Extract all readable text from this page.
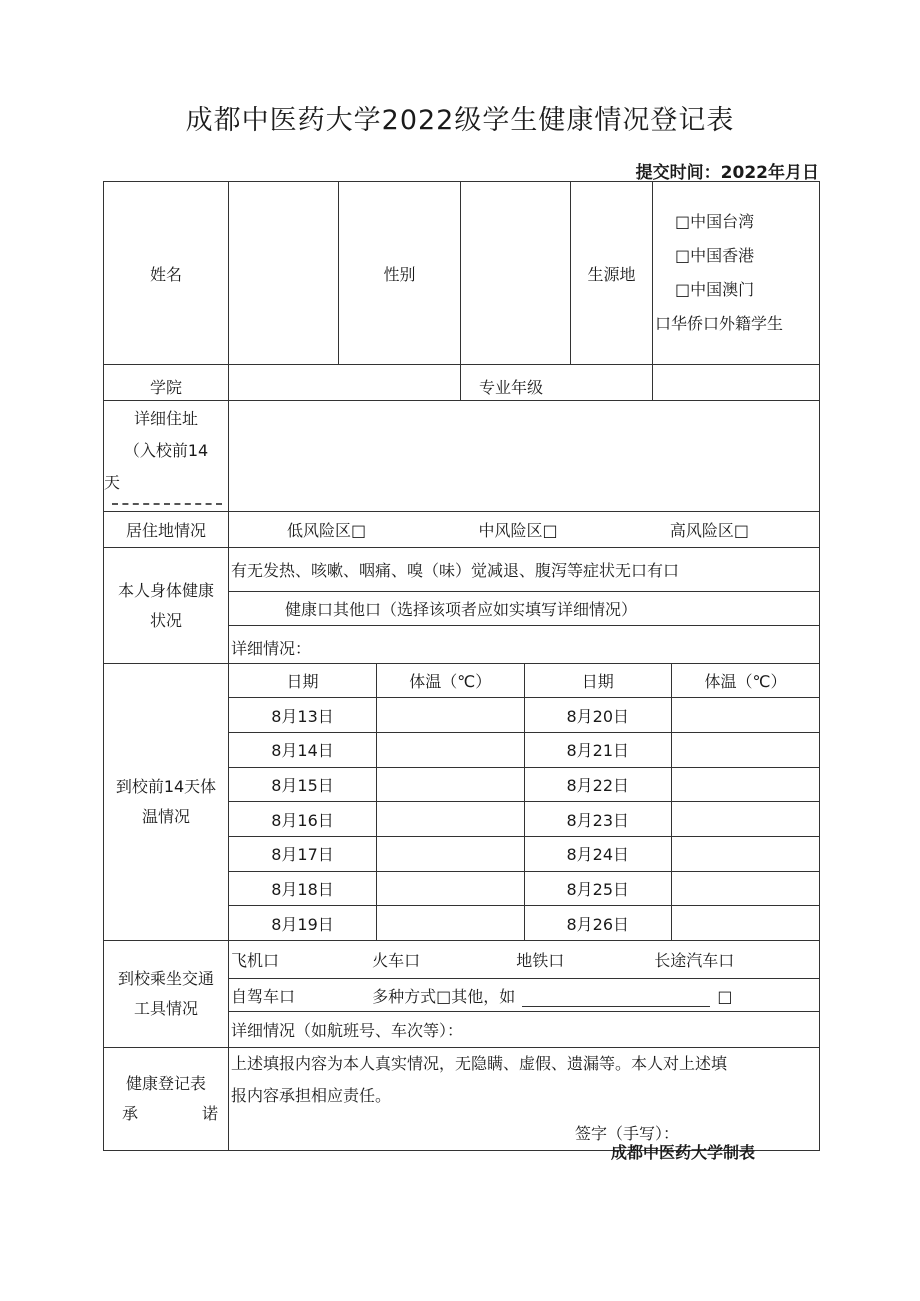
成都中医药大学2022级学生健康情况登记表
提交时间：2022年月日
姓名		性别		生源地	
□中国台湾
□中国香港
□中国澳门
口华侨口外籍学生

学院		专业年级	

详细住址
（入校前14
天

居住地情况	低风险区□	中风险区□	高风险区□

本人身体健康
状况
	有无发热、咳嗽、咽痛、嗅（味）觉减退、腹泻等症状无口有口
健康口其他口（选择该项者应如实填写详细情况）
详细情况：

到校前14天体
温情况

日期	体温（℃）	日期	体温（℃）
8月13日		8月20日	
8月14日		8月21日	
8月15日		8月22日	
8月16日		8月23日	
8月17日		8月24日	
8月18日		8月25日	
8月19日		8月26日	

到校乘坐交通
工具情况
	飞机口	火车口	地铁口	长途汽车口
自驾车口	多种方式□其他，如	□
详细情况（如航班号、车次等）：

健康登记表
承	诺

上述填报内容为本人真实情况，无隐瞒、虚假、遗漏等。本人对上述填
报内容承担相应责任。
签字（手写）：
成都中医药大学制表
